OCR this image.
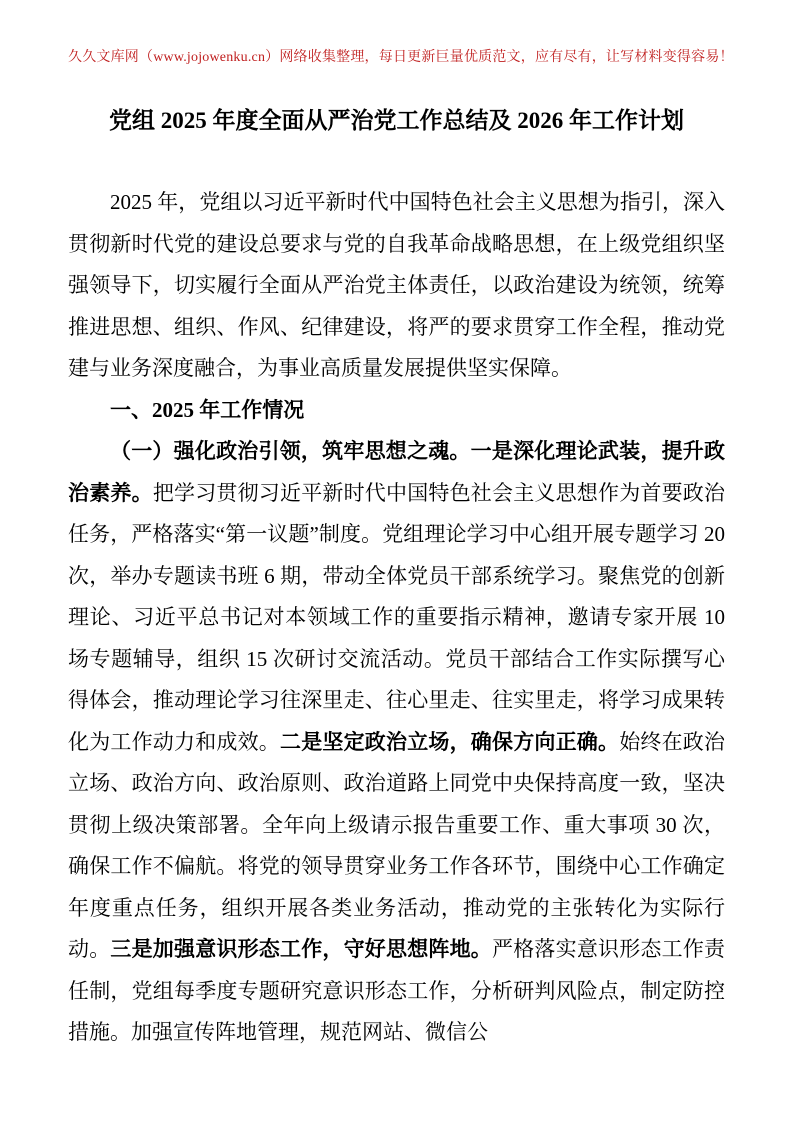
久久文库网（www.jojowenku.cn）网络收集整理，每日更新巨量优质范文，应有尽有，让写材料变得容易！
党组 2025 年度全面从严治党工作总结及 2026 年工作计划

2025 年，党组以习近平新时代中国特色社会主义思想为指引，深入贯彻新时代党的建设总要求与党的自我革命战略思想，在上级党组织坚强领导下，切实履行全面从严治党主体责任，以政治建设为统领，统筹推进思想、组织、作风、纪律建设，将严的要求贯穿工作全程，推动党建与业务深度融合，为事业高质量发展提供坚实保障。

一、2025 年工作情况

（一）强化政治引领，筑牢思想之魂。一是深化理论武装，提升政治素养。把学习贯彻习近平新时代中国特色社会主义思想作为首要政治任务，严格落实“第一议题”制度。党组理论学习中心组开展专题学习 20 次，举办专题读书班 6 期，带动全体党员干部系统学习。聚焦党的创新理论、习近平总书记对本领域工作的重要指示精神，邀请专家开展 10 场专题辅导，组织 15 次研讨交流活动。党员干部结合工作实际撰写心得体会，推动理论学习往深里走、往心里走、往实里走，将学习成果转化为工作动力和成效。二是坚定政治立场，确保方向正确。始终在政治立场、政治方向、政治原则、政治道路上同党中央保持高度一致，坚决贯彻上级决策部署。全年向上级请示报告重要工作、重大事项 30 次，确保工作不偏航。将党的领导贯穿业务工作各环节，围绕中心工作确定年度重点任务，组织开展各类业务活动，推动党的主张转化为实际行动。三是加强意识形态工作，守好思想阵地。严格落实意识形态工作责任制，党组每季度专题研究意识形态工作，分析研判风险点，制定防控措施。加强宣传阵地管理，规范网站、微信公
